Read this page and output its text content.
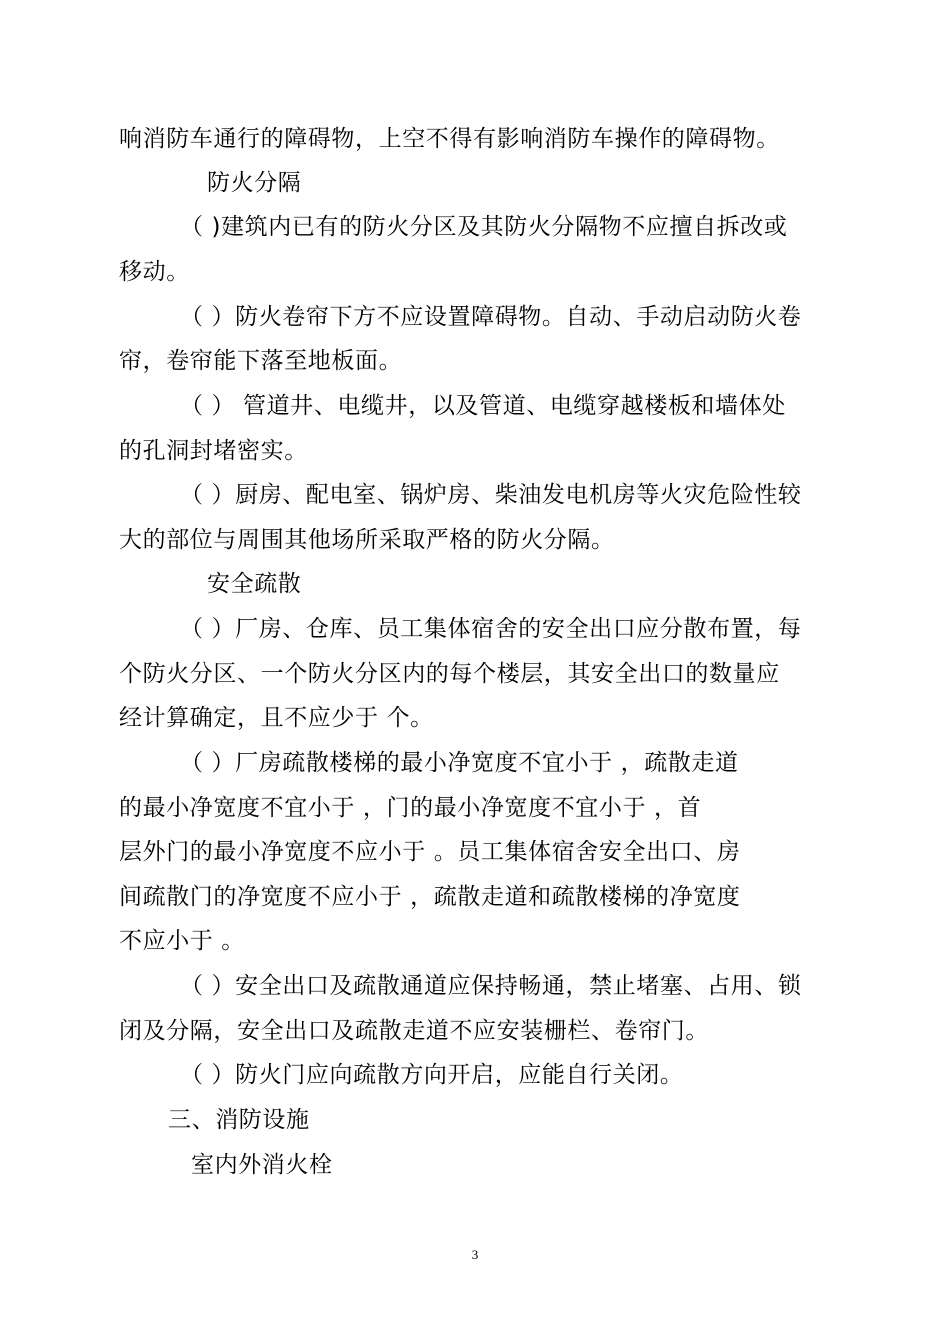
响消防车通行的障碍物，上空不得有影响消防车操作的障碍物。
防火分隔
（ )建筑内已有的防火分区及其防火分隔物不应擅自拆改或
移动。
（ ）防火卷帘下方不应设置障碍物。自动、手动启动防火卷
帘，卷帘能下落至地板面。
（ ） 管道井、电缆井，以及管道、电缆穿越楼板和墙体处
的孔洞封堵密实。
（ ）厨房、配电室、锅炉房、柴油发电机房等火灾危险性较
大的部位与周围其他场所采取严格的防火分隔。
安全疏散
（ ）厂房、仓库、员工集体宿舍的安全出口应分散布置，每
个防火分区、一个防火分区内的每个楼层，其安全出口的数量应
经计算确定，且不应少于 个。
（ ）厂房疏散楼梯的最小净宽度不宜小于 ，疏散走道
的最小净宽度不宜小于 ，门的最小净宽度不宜小于 ，首
层外门的最小净宽度不应小于 。员工集体宿舍安全出口、房
间疏散门的净宽度不应小于 ，疏散走道和疏散楼梯的净宽度
不应小于 。
（ ）安全出口及疏散通道应保持畅通，禁止堵塞、占用、锁
闭及分隔，安全出口及疏散走道不应安装栅栏、卷帘门。
（ ）防火门应向疏散方向开启，应能自行关闭。
三、消防设施
室内外消火栓
3
